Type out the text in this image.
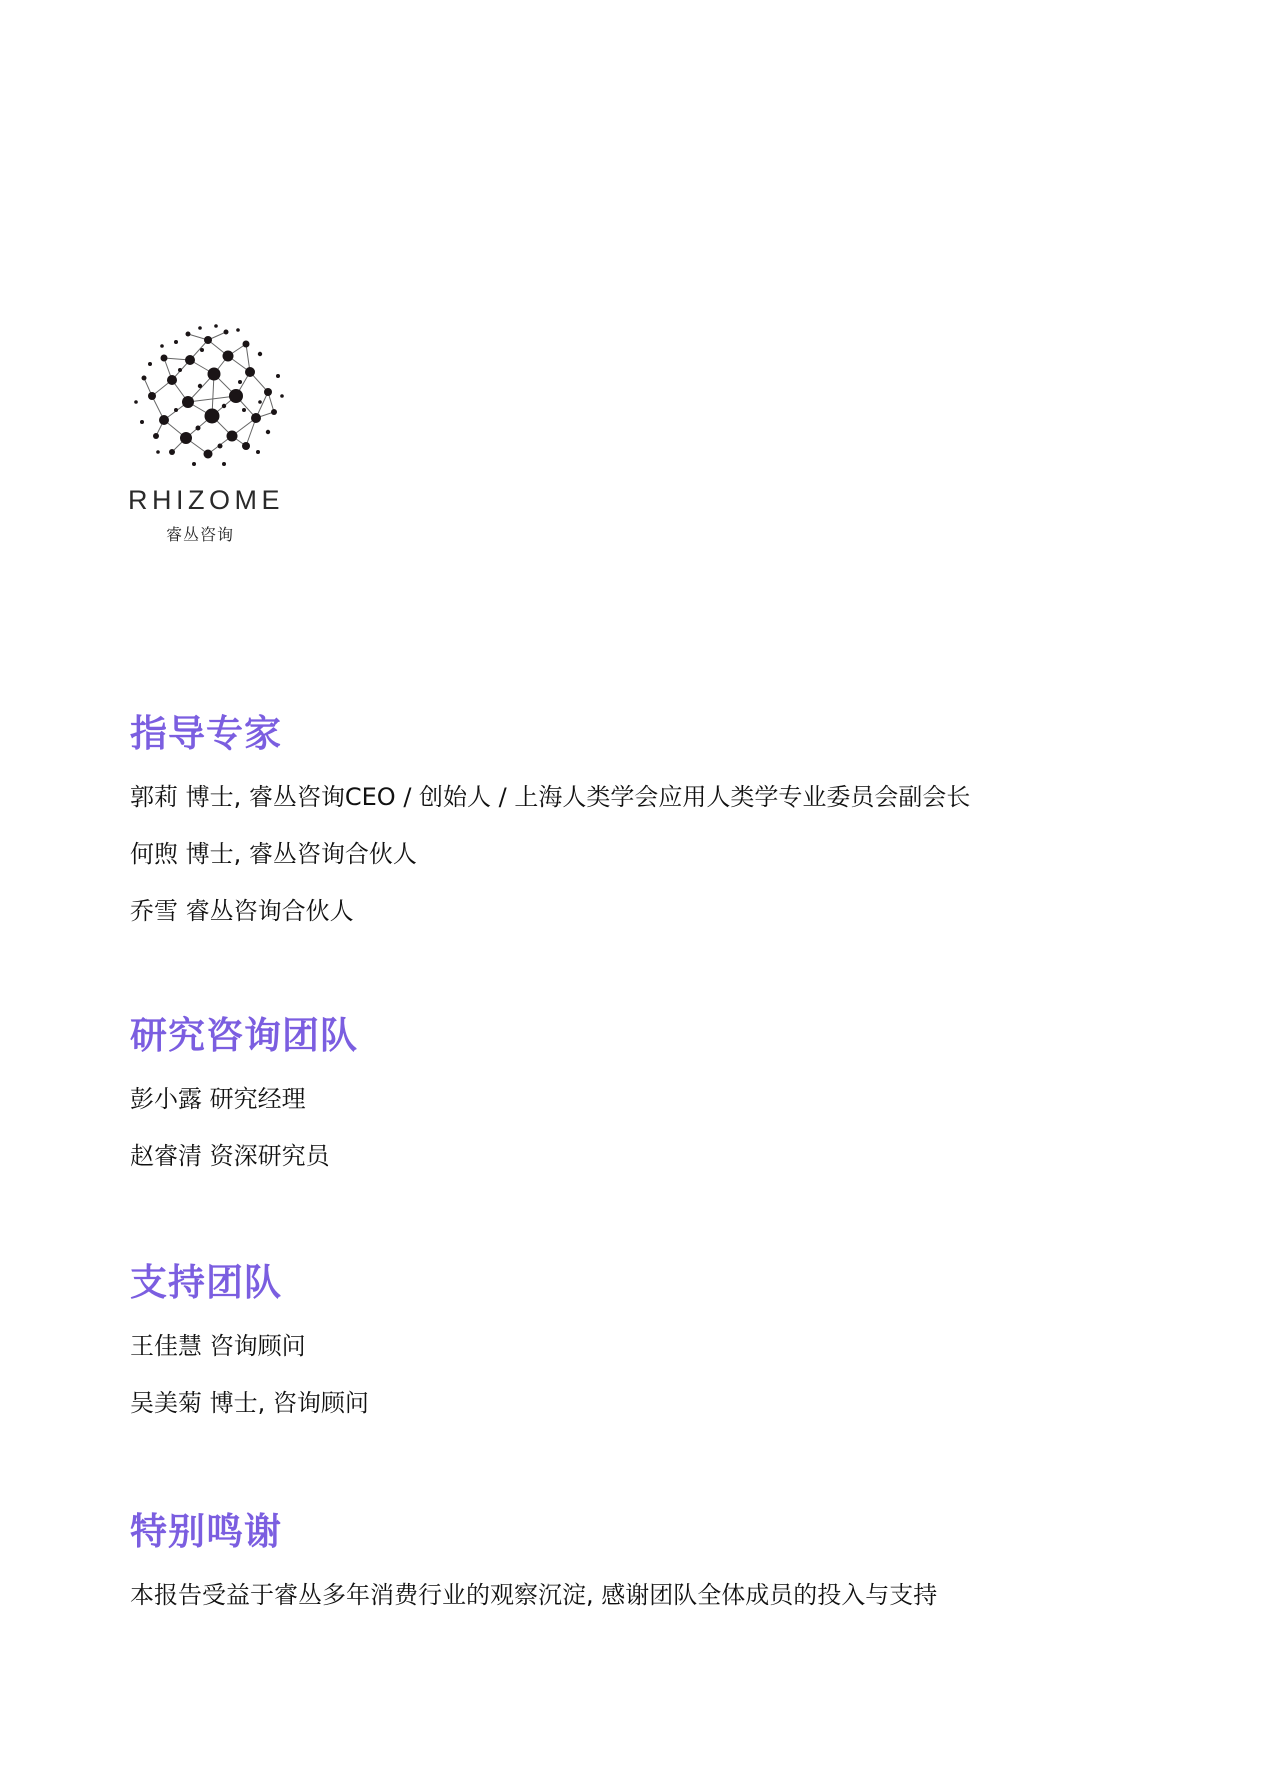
RHIZOME
睿丛咨询
指导专家
郭莉 博士, 睿丛咨询CEO / 创始人 / 上海人类学会应用人类学专业委员会副会长
何煦 博士, 睿丛咨询合伙人
乔雪 睿丛咨询合伙人
研究咨询团队
彭小露 研究经理
赵睿清 资深研究员
支持团队
王佳慧 咨询顾问
吴美菊 博士, 咨询顾问
特别鸣谢
本报告受益于睿丛多年消费行业的观察沉淀, 感谢团队全体成员的投入与支持
